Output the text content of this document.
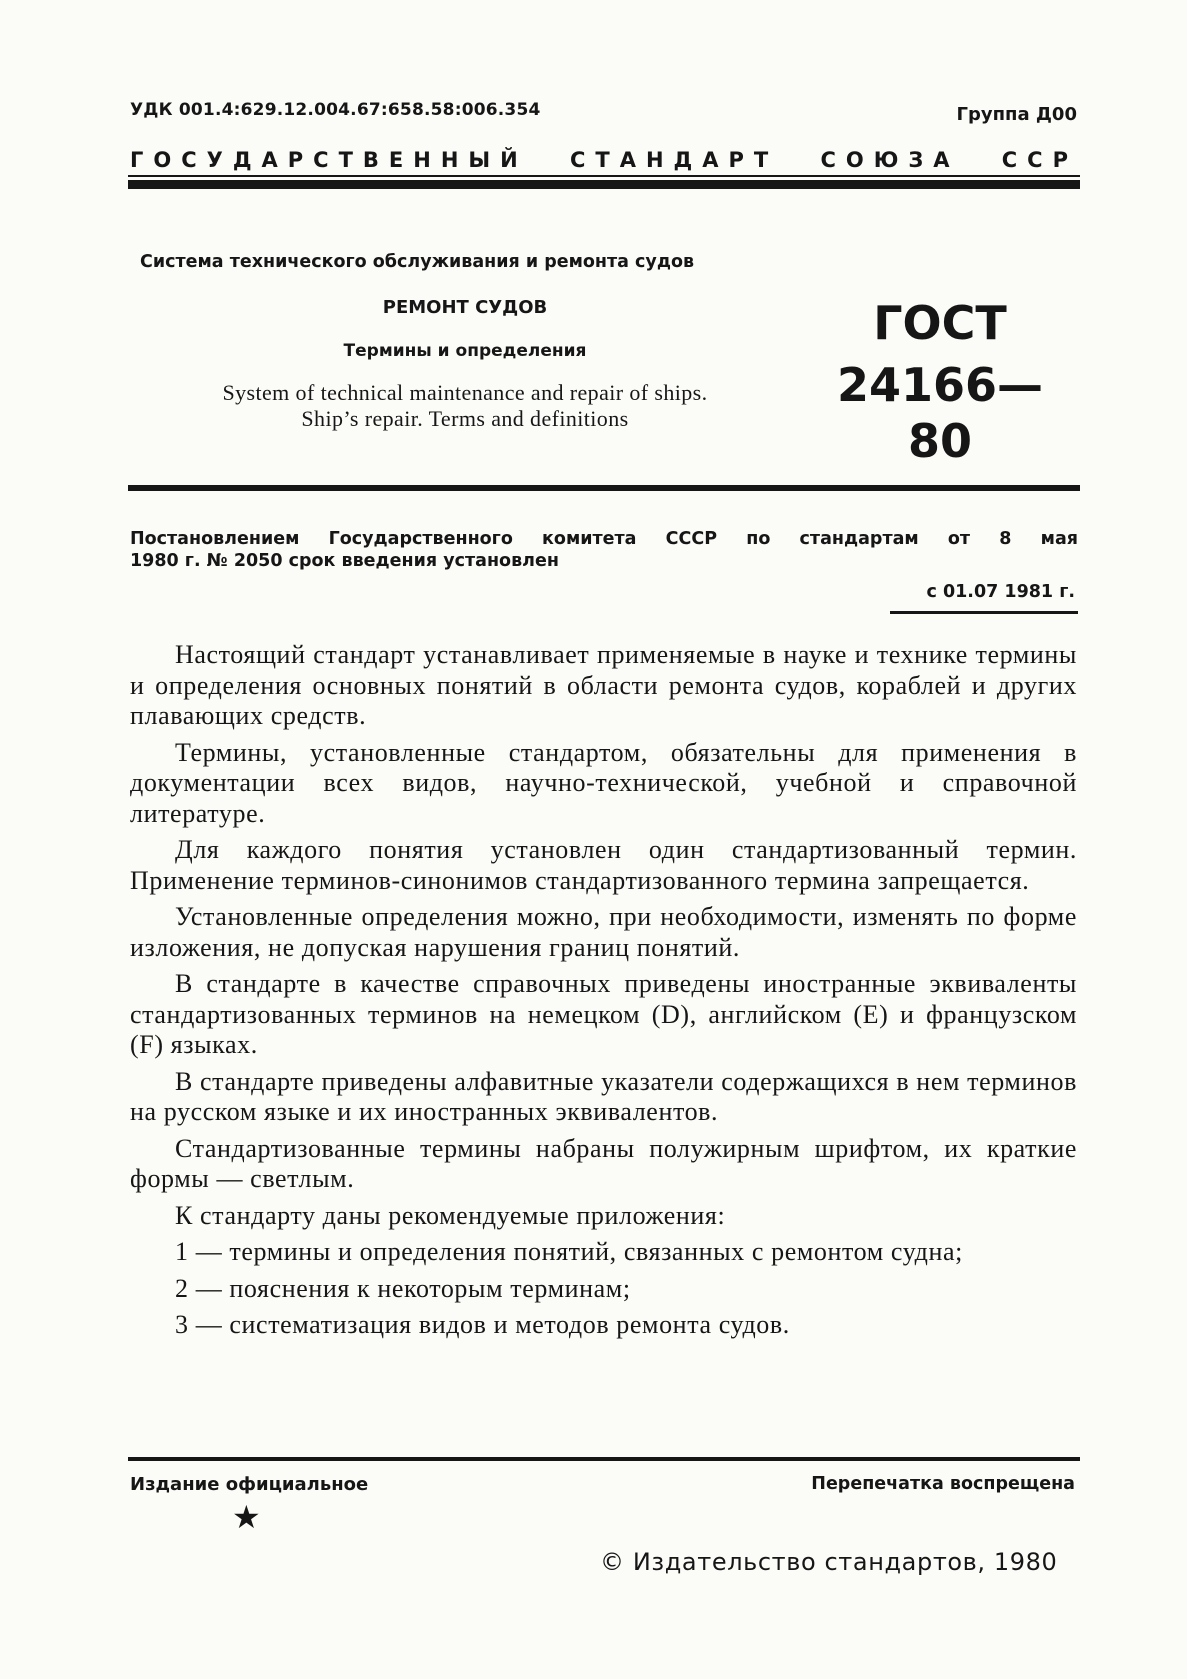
УДК 001.4:629.12.004.67:658.58:006.354	Группа Д00
ГОСУДАРСТВЕННЫЙ СТАНДАРТ СОЮЗА ССР
Система технического обслуживания и ремонта судов
РЕМОНТ СУДОВ
Термины и определения
System of technical maintenance and repair of ships.
Ship’s repair. Terms and definitions
ГОСТ
24166—80
Постановлением Государственного комитета СССР по стандартам от 8 мая
1980 г. № 2050 срок введения установлен
с 01.07 1981 г.

Настоящий стандарт устанавливает применяемые в науке и технике термины и определения основных понятий в области ремонта судов, кораблей и других плавающих средств.

Термины, установленные стандартом, обязательны для применения в документации всех видов, научно-технической, учебной и справочной литературе.

Для каждого понятия установлен один стандартизованный термин. Применение терминов-синонимов стандартизованного термина запрещается.

Установленные определения можно, при необходимости, изменять по форме изложения, не допуская нарушения границ понятий.

В стандарте в качестве справочных приведены иностранные эквиваленты стандартизованных терминов на немецком (D), английском (E) и французском (F) языках.

В стандарте приведены алфавитные указатели содержащихся в нем терминов на русском языке и их иностранных эквивалентов.

Стандартизованные термины набраны полужирным шрифтом, их краткие формы — светлым.

К стандарту даны рекомендуемые приложения:

1 — термины и определения понятий, связанных с ремонтом судна;

2 — пояснения к некоторым терминам;

3 — систематизация видов и методов ремонта судов.

Издание официальное	Перепечатка воспрещена
★
© Издательство стандартов, 1980
